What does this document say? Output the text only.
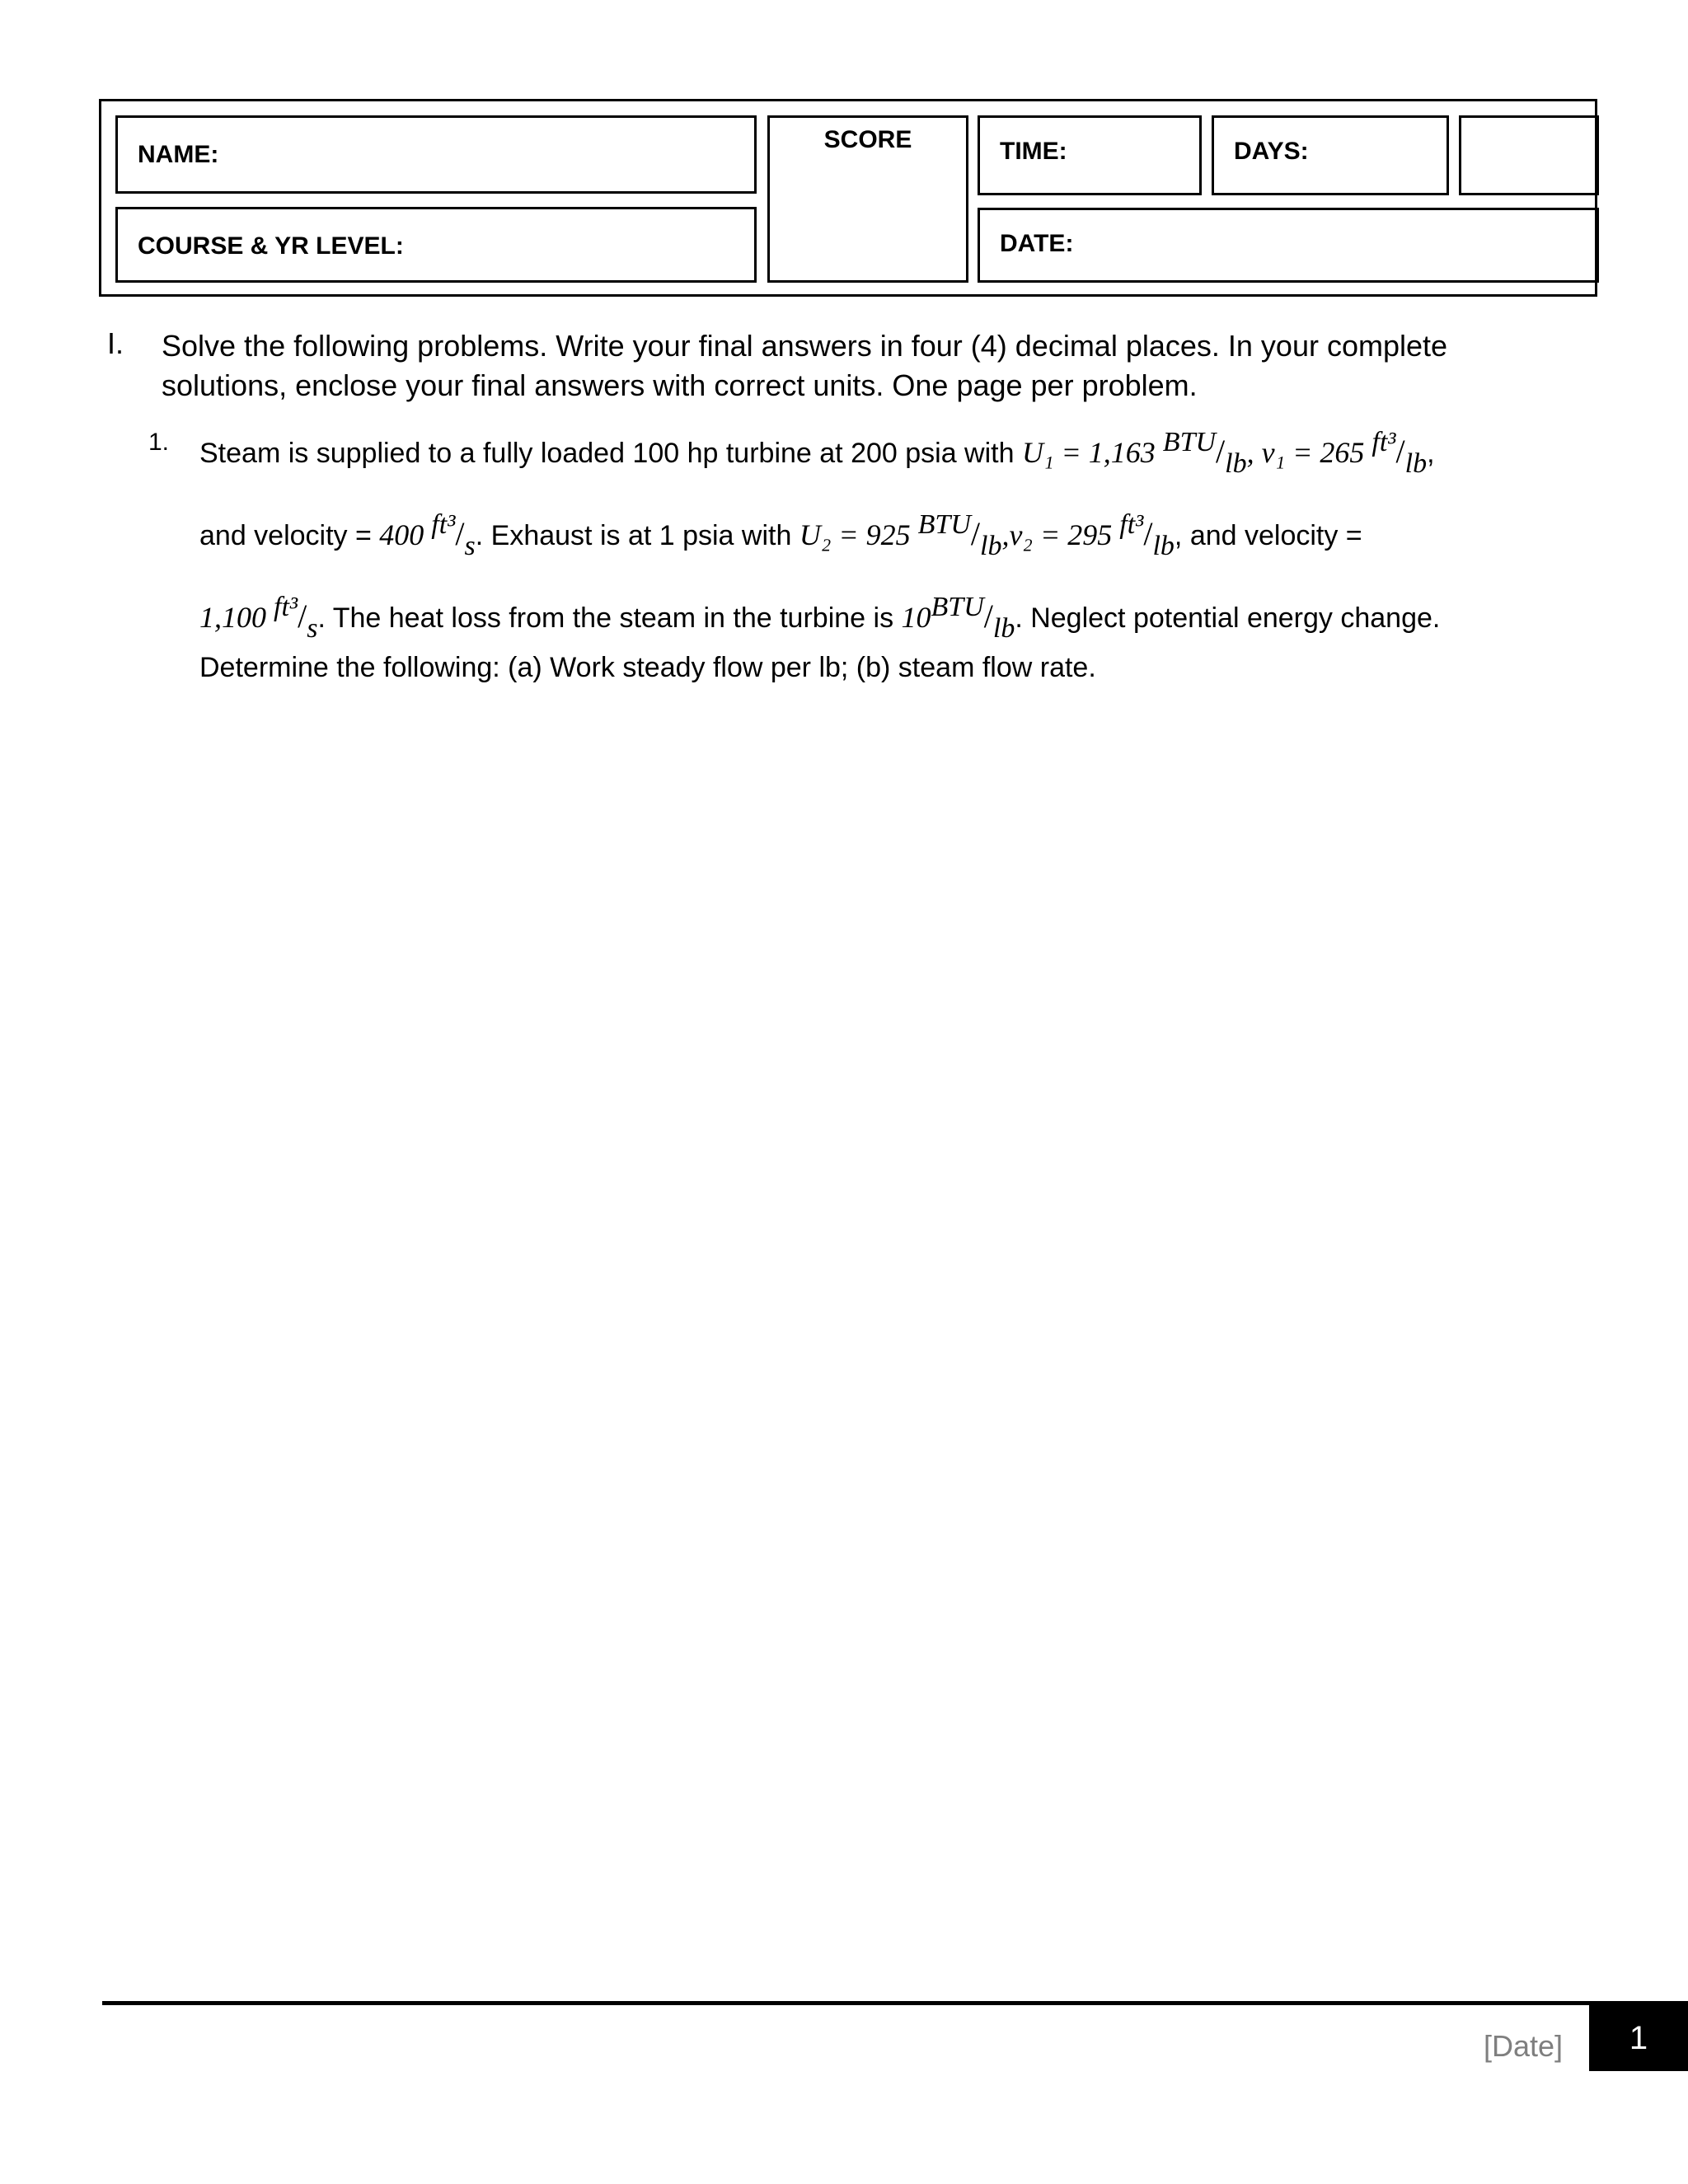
NAME:
COURSE & YR LEVEL:
SCORE	TIME:	DAYS:
DATE:
I. Solve the following problems. Write your final answers in four (4) decimal places. In your complete solutions, enclose your final answers with correct units. One page per problem.
1. Steam is supplied to a fully loaded 100 hp turbine at 200 psia with U₁ = 1,163 BTU/lb, v₁ = 265 ft³/lb,
and velocity = 400 ft³/s. Exhaust is at 1 psia with U₂ = 925 BTU/lb,v₂ = 295 ft³/lb, and velocity =
1,100 ft³/s. The heat loss from the steam in the turbine is 10BTU/lb. Neglect potential energy change.
Determine the following: (a) Work steady flow per lb; (b) steam flow rate.
[Date]	1
